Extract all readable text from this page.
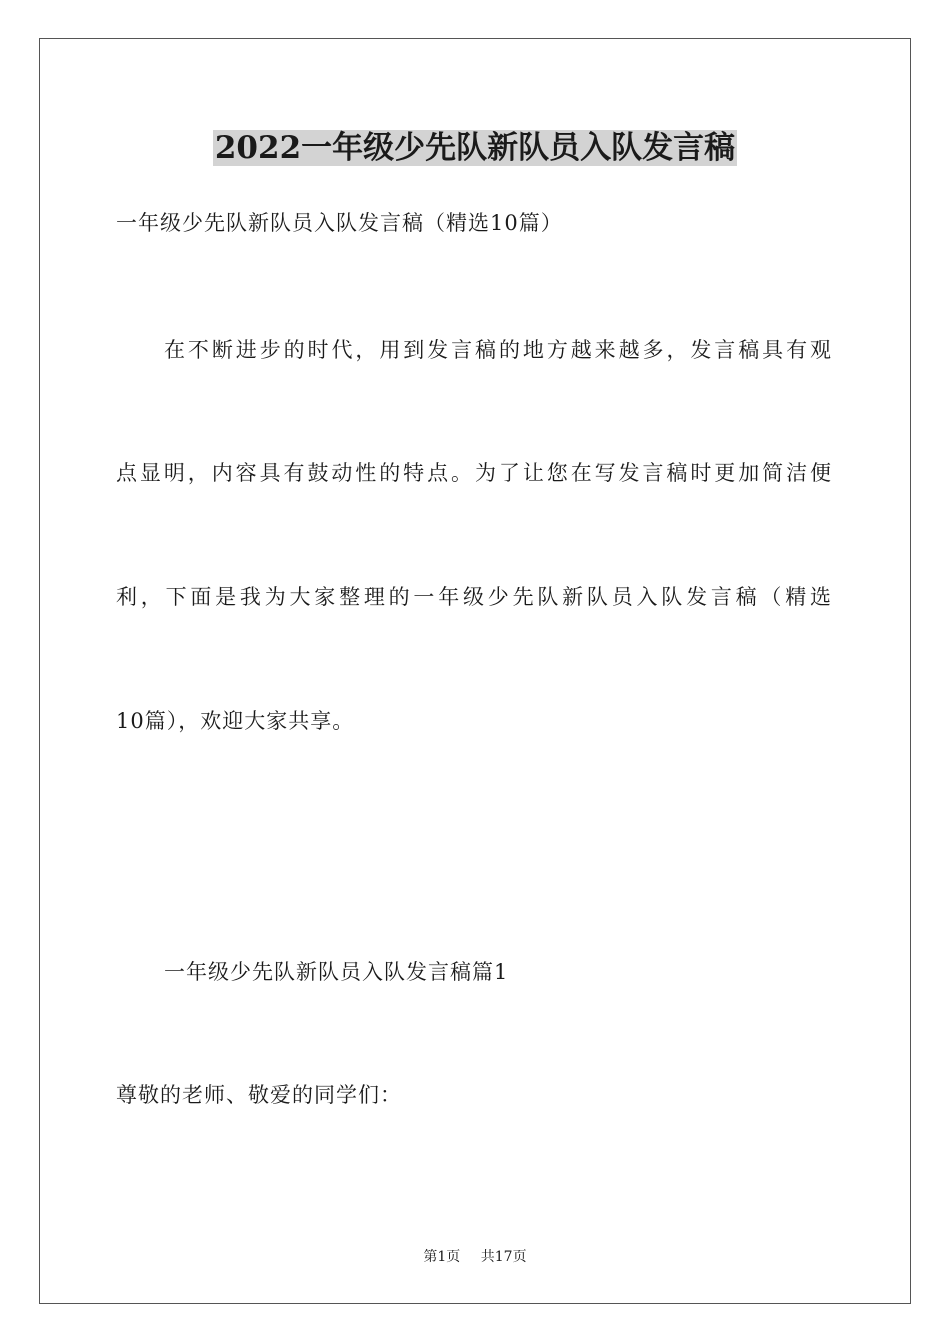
2022一年级少先队新队员入队发言稿
一年级少先队新队员入队发言稿（精选10篇）
在不断进步的时代，用到发言稿的地方越来越多，发言稿具有观
点显明，内容具有鼓动性的特点。为了让您在写发言稿时更加简洁便
利，下面是我为大家整理的一年级少先队新队员入队发言稿（精选
10篇），欢迎大家共享。
一年级少先队新队员入队发言稿篇1
尊敬的老师、敬爱的同学们：
第1页 共17页
